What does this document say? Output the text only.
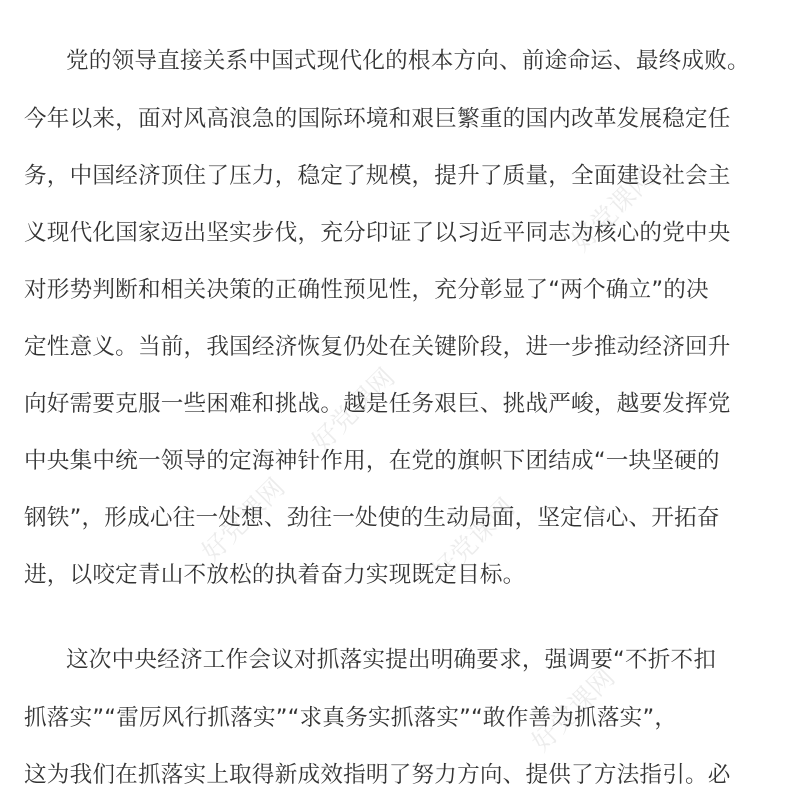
好党课网
好党课网
好党课网	好党课网
好党课网
党的领导直接关系中国式现代化的根本方向、前途命运、最终成败。
今年以来，面对风高浪急的国际环境和艰巨繁重的国内改革发展稳定任
务，中国经济顶住了压力，稳定了规模，提升了质量，全面建设社会主
义现代化国家迈出坚实步伐，充分印证了以习近平同志为核心的党中央
对形势判断和相关决策的正确性预见性，充分彰显了“两个确立”的决
定性意义。当前，我国经济恢复仍处在关键阶段，进一步推动经济回升
向好需要克服一些困难和挑战。越是任务艰巨、挑战严峻，越要发挥党
中央集中统一领导的定海神针作用，在党的旗帜下团结成“一块坚硬的
钢铁”，形成心往一处想、劲往一处使的生动局面，坚定信心、开拓奋
进，以咬定青山不放松的执着奋力实现既定目标。
这次中央经济工作会议对抓落实提出明确要求，强调要“不折不扣
抓落实”“雷厉风行抓落实”“求真务实抓落实”“敢作善为抓落实”，
这为我们在抓落实上取得新成效指明了努力方向、提供了方法指引。必
